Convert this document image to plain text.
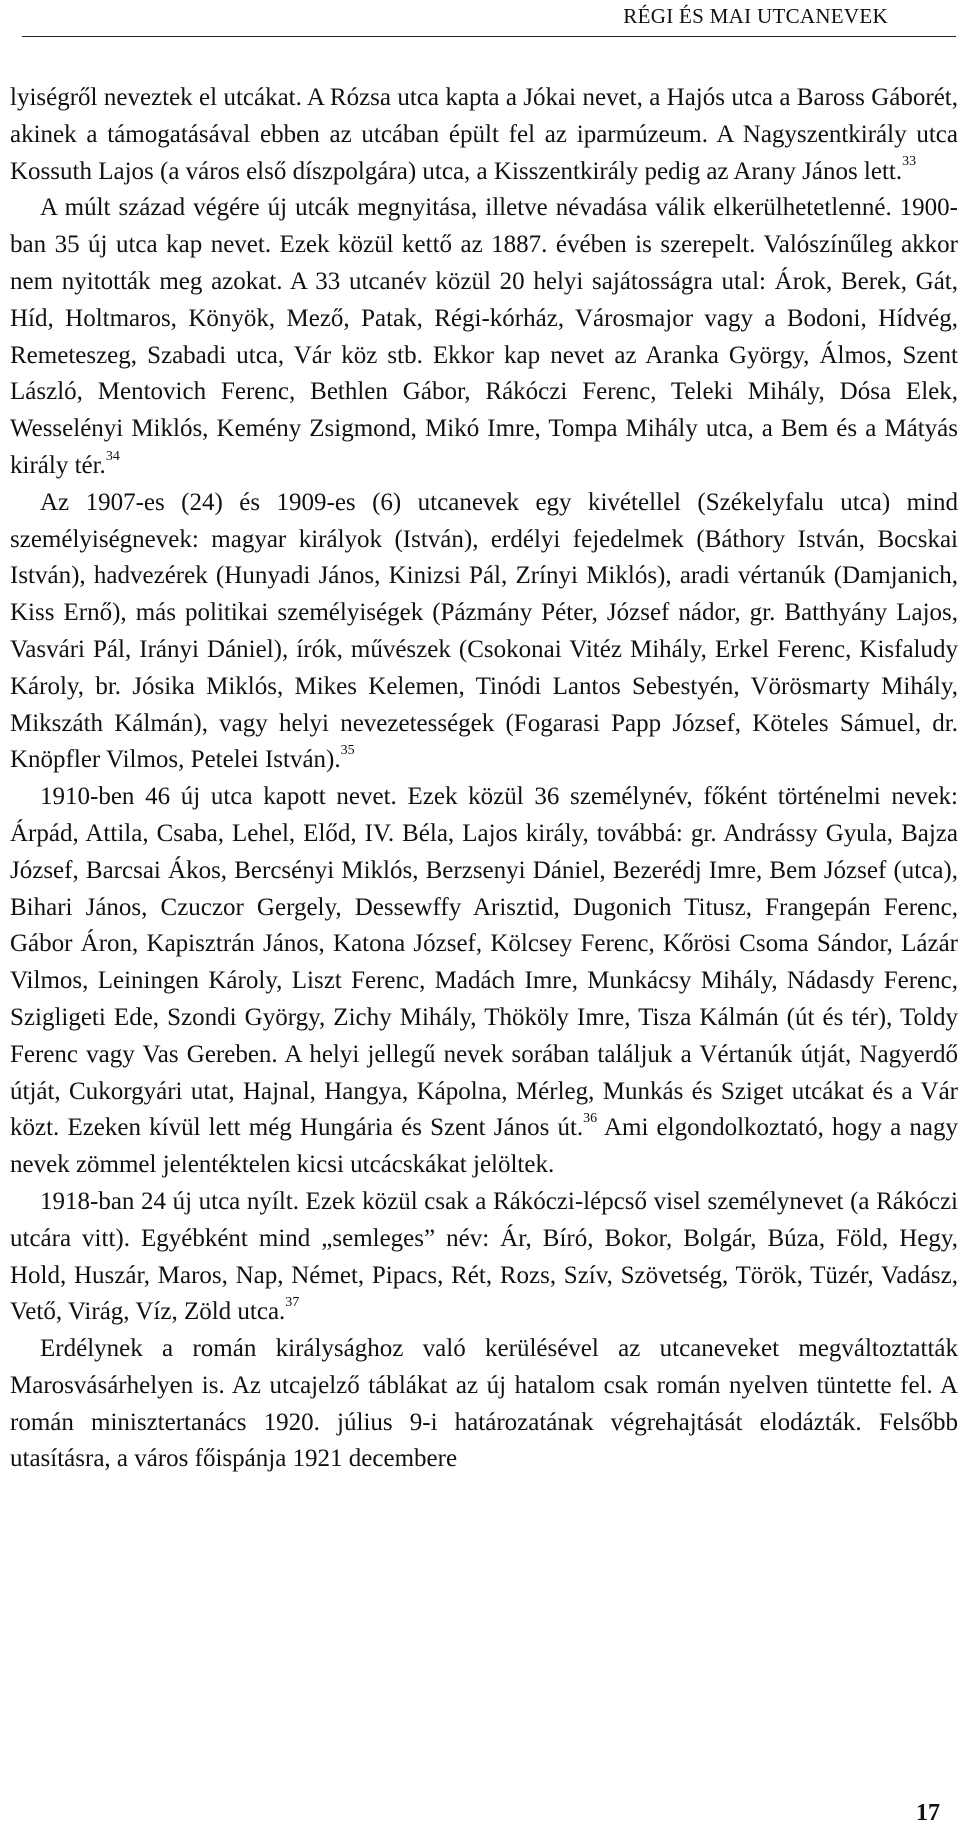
RÉGI ÉS MAI UTCANEVEK

lyiségről neveztek el utcákat. A Rózsa utca kapta a Jókai nevet, a Hajós utca a Baross Gáborét, akinek a támogatásával ebben az utcában épült fel az iparmúzeum. A Nagyszentkirály utca Kossuth Lajos (a város első díszpolgára) utca, a Kisszentkirály pedig az Arany János lett.$^{33}$

A múlt század végére új utcák megnyitása, illetve névadása válik elkerülhetetlenné. 1900-ban 35 új utca kap nevet. Ezek közül kettő az 1887. évében is szerepelt. Valószínűleg akkor nem nyitották meg azokat. A 33 utcanév közül 20 helyi sajátosságra utal: Árok, Berek, Gát, Híd, Holtmaros, Könyök, Mező, Patak, Régi-kórház, Városmajor vagy a Bodoni, Hídvég, Remeteszeg, Szabadi utca, Vár köz stb. Ekkor kap nevet az Aranka György, Álmos, Szent László, Mentovich Ferenc, Bethlen Gábor, Rákóczi Ferenc, Teleki Mihály, Dósa Elek, Wesselényi Miklós, Kemény Zsigmond, Mikó Imre, Tompa Mihály utca, a Bem és a Mátyás király tér.$^{34}$

Az 1907-es (24) és 1909-es (6) utcanevek egy kivétellel (Székelyfalu utca) mind személyiségnevek: magyar királyok (István), erdélyi fejedelmek (Báthory István, Bocskai István), hadvezérek (Hunyadi János, Kinizsi Pál, Zrínyi Miklós), aradi vértanúk (Damjanich, Kiss Ernő), más politikai személyiségek (Pázmány Péter, József nádor, gr. Batthyány Lajos, Vasvári Pál, Irányi Dániel), írók, művészek (Csokonai Vitéz Mihály, Erkel Ferenc, Kisfaludy Károly, br. Jósika Miklós, Mikes Kelemen, Tinódi Lantos Sebestyén, Vörösmarty Mihály, Mikszáth Kálmán), vagy helyi nevezetességek (Fogarasi Papp József, Köteles Sámuel, dr. Knöpfler Vilmos, Petelei István).$^{35}$

1910-ben 46 új utca kapott nevet. Ezek közül 36 személynév, főként történelmi nevek: Árpád, Attila, Csaba, Lehel, Előd, IV. Béla, Lajos király, továbbá: gr. Andrássy Gyula, Bajza József, Barcsai Ákos, Bercsényi Miklós, Berzsenyi Dániel, Bezerédj Imre, Bem József (utca), Bihari János, Czuczor Gergely, Dessewffy Arisztid, Dugonich Titusz, Frangepán Ferenc, Gábor Áron, Kapisztrán János, Katona József, Kölcsey Ferenc, Kőrösi Csoma Sándor, Lázár Vilmos, Leiningen Károly, Liszt Ferenc, Madách Imre, Munkácsy Mihály, Nádasdy Ferenc, Szigligeti Ede, Szondi György, Zichy Mihály, Thököly Imre, Tisza Kálmán (út és tér), Toldy Ferenc vagy Vas Gereben. A helyi jellegű nevek sorában találjuk a Vértanúk útját, Nagyerdő útját, Cukorgyári utat, Hajnal, Hangya, Kápolna, Mérleg, Munkás és Sziget utcákat és a Vár közt. Ezeken kívül lett még Hungária és Szent János út.$^{36}$ Ami elgondolkoztató, hogy a nagy nevek zömmel jelentéktelen kicsi utcácskákat jelöltek.

1918-ban 24 új utca nyílt. Ezek közül csak a Rákóczi-lépcső visel személynevet (a Rákóczi utcára vitt). Egyébként mind „semleges” név: Ár, Bíró, Bokor, Bolgár, Búza, Föld, Hegy, Hold, Huszár, Maros, Nap, Német, Pipacs, Rét, Rozs, Szív, Szövetség, Török, Tüzér, Vadász, Vető, Virág, Víz, Zöld utca.$^{37}$

Erdélynek a román királysághoz való kerülésével az utcaneveket megváltoztatták Marosvásárhelyen is. Az utcajelző táblákat az új hatalom csak román nyelven tüntette fel. A román minisztertanács 1920. július 9-i határozatának végrehajtását elodázták. Felsőbb utasításra, a város főispánja 1921 decembere

17
